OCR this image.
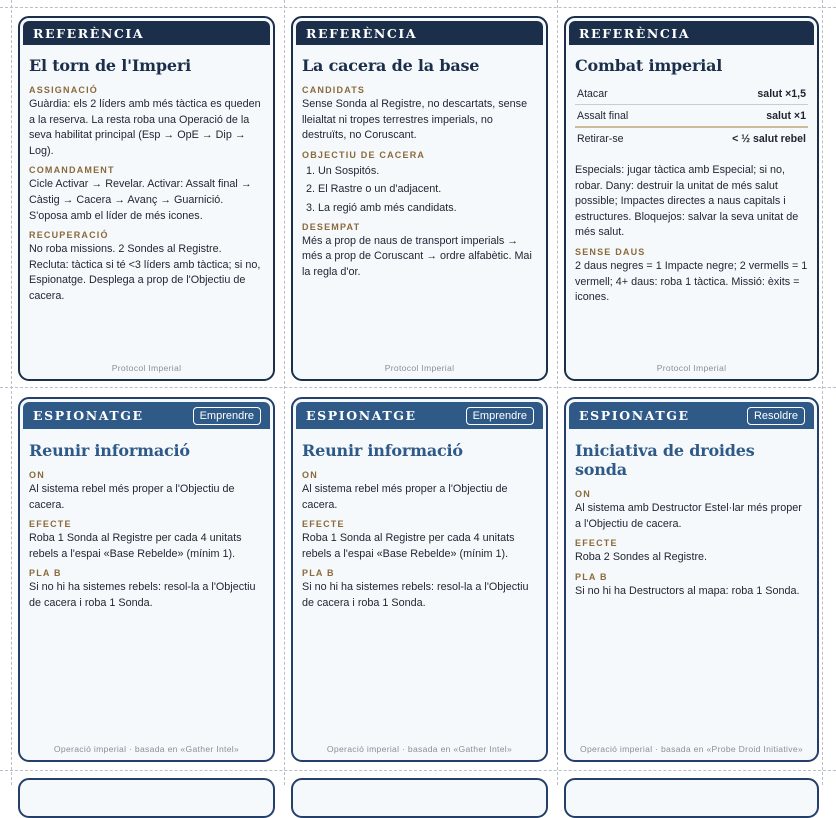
REFERÈNCIA
El torn de l'Imperi
ASSIGNACIÓ
Guàrdia: els 2 líders amb més tàctica es queden a la reserva. La resta roba una Operació de la seva habilitat principal (Esp → OpE → Dip → Log).
COMANDAMENT
Cicle Activar → Revelar. Activar: Assalt final → Càstig → Cacera → Avanç → Guarnició. S'oposa amb el líder de més icones.
RECUPERACIÓ
No roba missions. 2 Sondes al Registre. Recluta: tàctica si té <3 líders amb tàctica; si no, Espionatge. Desplega a prop de l'Objectiu de cacera.
Protocol Imperial
REFERÈNCIA
La cacera de la base
CANDIDATS
Sense Sonda al Registre, no descartats, sense lleialtat ni tropes terrestres imperials, no destruïts, no Coruscant.
OBJECTIU DE CACERA
1. Un Sospitós.
2. El Rastre o un d'adjacent.
3. La regió amb més candidats.
DESEMPAT
Més a prop de naus de transport imperials → més a prop de Coruscant → ordre alfabètic. Mai la regla d'or.
Protocol Imperial
REFERÈNCIA
Combat imperial
Atacar	salut ×1,5
Assalt final	salut ×1
Retirar-se	< ½ salut rebel
Especials: jugar tàctica amb Especial; si no, robar. Dany: destruir la unitat de més salut possible; Impactes directes a naus capitals i estructures. Bloquejos: salvar la seva unitat de més salut.
SENSE DAUS
2 daus negres = 1 Impacte negre; 2 vermells = 1 vermell; 4+ daus: roba 1 tàctica. Missió: èxits = icones.
Protocol Imperial
ESPIONATGE	Emprendre
Reunir informació
ON
Al sistema rebel més proper a l'Objectiu de cacera.
EFECTE
Roba 1 Sonda al Registre per cada 4 unitats rebels a l'espai «Base Rebelde» (mínim 1).
PLA B
Si no hi ha sistemes rebels: resol-la a l'Objectiu de cacera i roba 1 Sonda.
Operació imperial · basada en «Gather Intel»
ESPIONATGE	Emprendre
Reunir informació
ON
Al sistema rebel més proper a l'Objectiu de cacera.
EFECTE
Roba 1 Sonda al Registre per cada 4 unitats rebels a l'espai «Base Rebelde» (mínim 1).
PLA B
Si no hi ha sistemes rebels: resol-la a l'Objectiu de cacera i roba 1 Sonda.
Operació imperial · basada en «Gather Intel»
ESPIONATGE	Resoldre
Iniciativa de droides sonda
ON
Al sistema amb Destructor Estel·lar més proper a l'Objectiu de cacera.
EFECTE
Roba 2 Sondes al Registre.
PLA B
Si no hi ha Destructors al mapa: roba 1 Sonda.
Operació imperial · basada en «Probe Droid Initiative»
